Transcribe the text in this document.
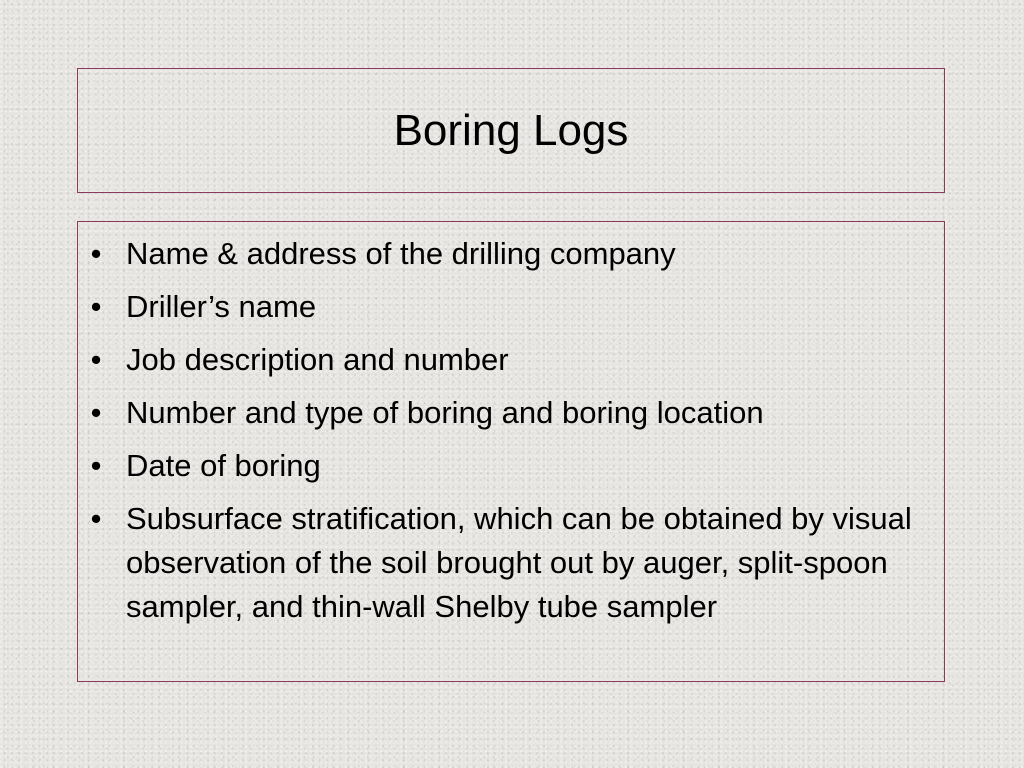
Boring Logs
• Name & address of the drilling company
• Driller’s name
• Job description and number
• Number and type of boring and boring location
• Date of boring
• Subsurface stratification, which can be obtained by visual observation of the soil brought out by auger, split-spoon sampler, and thin-wall Shelby tube sampler
